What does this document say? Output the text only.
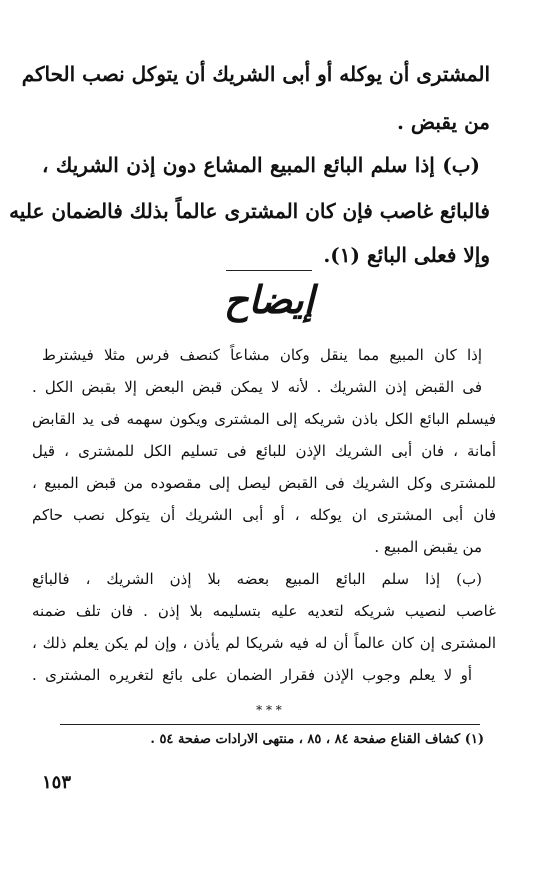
المشترى أن يوكله أو أبى الشريك أن يتوكل نصب الحاكم
من يقبض .
(ب) إذا سلم البائع المبيع المشاع دون إذن الشريك ،
فالبائع غاصب فإن كان المشترى عالماً بذلك فالضمان عليه
وإلا فعلى البائع (١).
إيضاح
إذا كان المبيع مما ينقل وكان مشاعاً كنصف فرس مثلا فيشترط
فى القبض إذن الشريك . لأنه لا يمكن قبض البعض إلا بقبض الكل .
فيسلم البائع الكل باذن شريكه إلى المشترى ويكون سهمه فى يد القابض
أمانة ، فان أبى الشريك الإذن للبائع فى تسليم الكل للمشترى ، قيل
للمشترى وكل الشريك فى القبض ليصل إلى مقصوده من قبض المبيع ،
فان أبى المشترى ان يوكله ، أو أبى الشريك أن يتوكل نصب حاكم
من يقبض المبيع .
(ب) إذا سلم البائع المبيع بعضه بلا إذن الشريك ، فالبائع
غاصب لنصيب شريكه لتعديه عليه بتسليمه بلا إذن . فان تلف ضمنه
المشترى إن كان عالماً أن له فيه شريكا لم يأذن ، وإن لم يكن يعلم ذلك ،
أو لا يعلم وجوب الإذن فقرار الضمان على بائع لتغريره المشترى .
* * *
(١) كشاف القناع صفحة ٨٤ ، ٨٥ ، منتهى الارادات صفحة ٥٤ .
١٥٣
